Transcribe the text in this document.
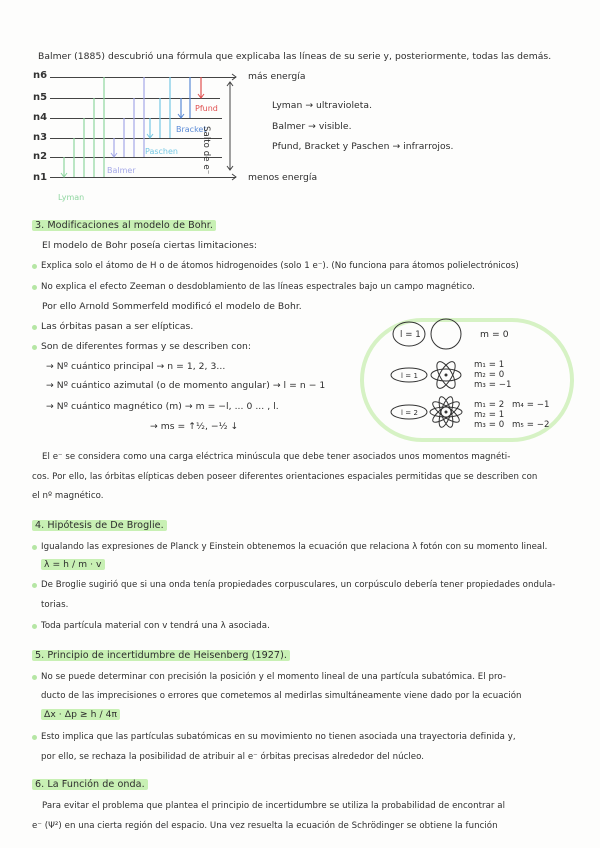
Balmer (1885) descubrió una fórmula que explicaba las líneas de su serie y, posteriormente, todas las demás.
n6
n5
n4
n3
n2
n1
Lyman
Balmer
Paschen
Bracket
Pfund
más energía
menos energía
Salto de e⁻
Lyman → ultravioleta.
Balmer → visible.
Pfund, Bracket y Paschen → infrarrojos.
3. Modificaciones al modelo de Bohr.
El modelo de Bohr poseía ciertas limitaciones:
Explica solo el átomo de H o de átomos hidrogenoides (solo 1 e⁻). (No funciona para átomos polielectrónicos)
No explica el efecto Zeeman o desdoblamiento de las líneas espectrales bajo un campo magnético.
Por ello Arnold Sommerfeld modificó el modelo de Bohr.
Las órbitas pasan a ser elípticas.
Son de diferentes formas y se describen con:
→ Nº cuántico principal → n = 1, 2, 3...
→ Nº cuántico azimutal (o de momento angular) → l = n − 1
→ Nº cuántico magnético (m) → m = −l, ... 0 ... , l.
→ ms = ↑½, −½ ↓
l = 1	m = 0
l = 1
m₁ = 1
m₂ = 0
m₃ = −1
l = 2
m₁ = 2
m₂ = 1
m₃ = 0
m₄ = −1
m₅ = −2
El e⁻ se considera como una carga eléctrica minúscula que debe tener asociados unos momentos magnéti-
cos. Por ello, las órbitas elípticas deben poseer diferentes orientaciones espaciales permitidas que se describen con
el nº magnético.
4. Hipótesis de De Broglie.
Igualando las expresiones de Planck y Einstein obtenemos la ecuación que relaciona λ fotón con su momento lineal.
λ = h / m · v
De Broglie sugirió que si una onda tenía propiedades corpusculares, un corpúsculo debería tener propiedades ondula-
torias.
Toda partícula material con v tendrá una λ asociada.
5. Principio de incertidumbre de Heisenberg (1927).
No se puede determinar con precisión la posición y el momento lineal de una partícula subatómica. El pro-
ducto de las imprecisiones o errores que cometemos al medirlas simultáneamente viene dado por la ecuación
Δx · Δp ≥ h / 4π
Esto implica que las partículas subatómicas en su movimiento no tienen asociada una trayectoria definida y,
por ello, se rechaza la posibilidad de atribuir al e⁻ órbitas precisas alrededor del núcleo.
6. La Función de onda.
Para evitar el problema que plantea el principio de incertidumbre se utiliza la probabilidad de encontrar al
e⁻ (Ψ²) en una cierta región del espacio. Una vez resuelta la ecuación de Schrödinger se obtiene la función
